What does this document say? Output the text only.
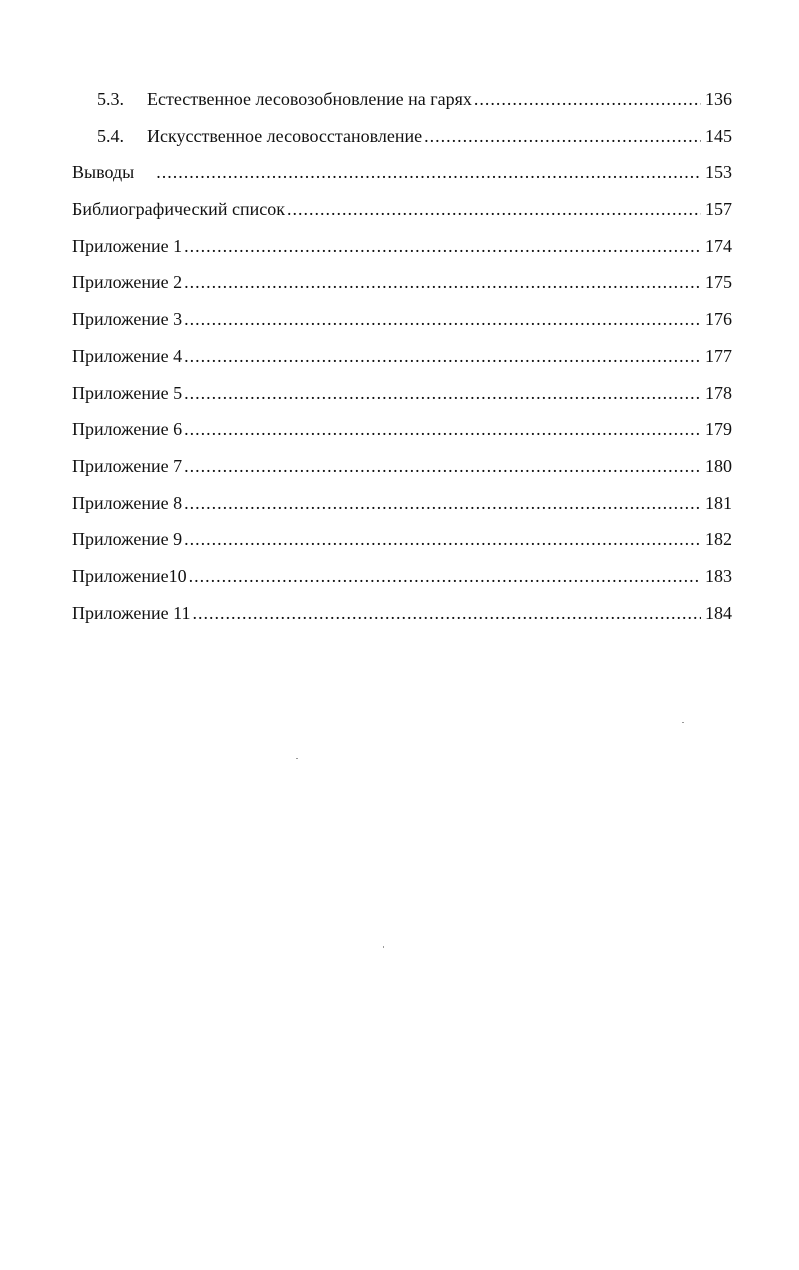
5.3.	Естественное лесовозобновление на гарях .....	136
5.4.	Искусственное лесовосстановление .....	145
Выводы .....	153
Библиографический список .....	157
Приложение 1 .....	174
Приложение 2 .....	175
Приложение 3 .....	176
Приложение 4 .....	177
Приложение 5 .....	178
Приложение 6 .....	179
Приложение 7 .....	180
Приложение 8 .....	181
Приложение 9 .....	182
Приложение10 .....	183
Приложение 11 .....	184
